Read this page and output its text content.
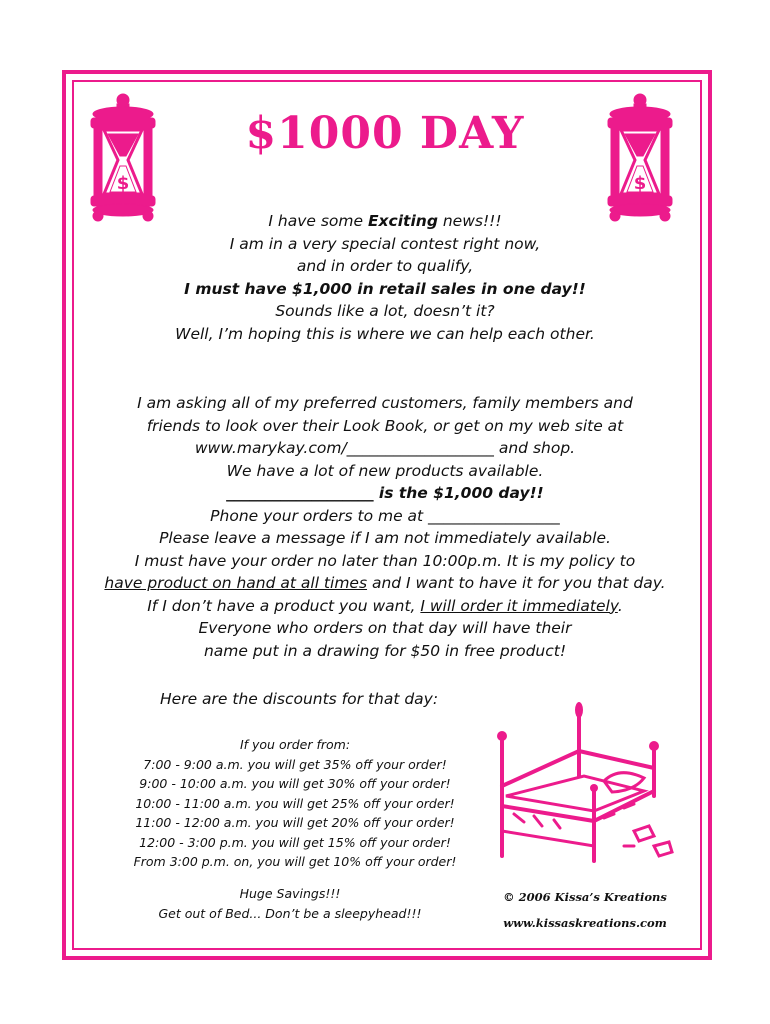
$	$
$1000 DAY
I have some Exciting news!!!
I am in a very special contest right now,
and in order to qualify,
I must have $1,000 in retail sales in one day!!
Sounds like a lot, doesn’t it?
Well, I’m hoping this is where we can help each other.
I am asking all of my preferred customers, family members and
friends to look over their Look Book, or get on my web site at
www.marykay.com/___________________ and shop.
We have a lot of new products available.
___________________ is the $1,000 day!!
Phone your orders to me at _________________
Please leave a message if I am not immediately available.
I must have your order no later than 10:00p.m. It is my policy to
have product on hand at all times and I want to have it for you that day.
If I don’t have a product you want, I will order it immediately.
Everyone who orders on that day will have their
name put in a drawing for $50 in free product!
Here are the discounts for that day:
If you order from:
7:00 - 9:00 a.m. you will get 35% off your order!
9:00 - 10:00 a.m. you will get 30% off your order!
10:00 - 11:00 a.m. you will get 25% off your order!
11:00 - 12:00 a.m. you will get 20% off your order!
12:00 - 3:00 p.m. you will get 15% off your order!
From 3:00 p.m. on, you will get 10% off your order!
Huge Savings!!!
Get out of Bed... Don’t be a sleepyhead!!!
© 2006 Kissa’s Kreations
www.kissaskreations.com
